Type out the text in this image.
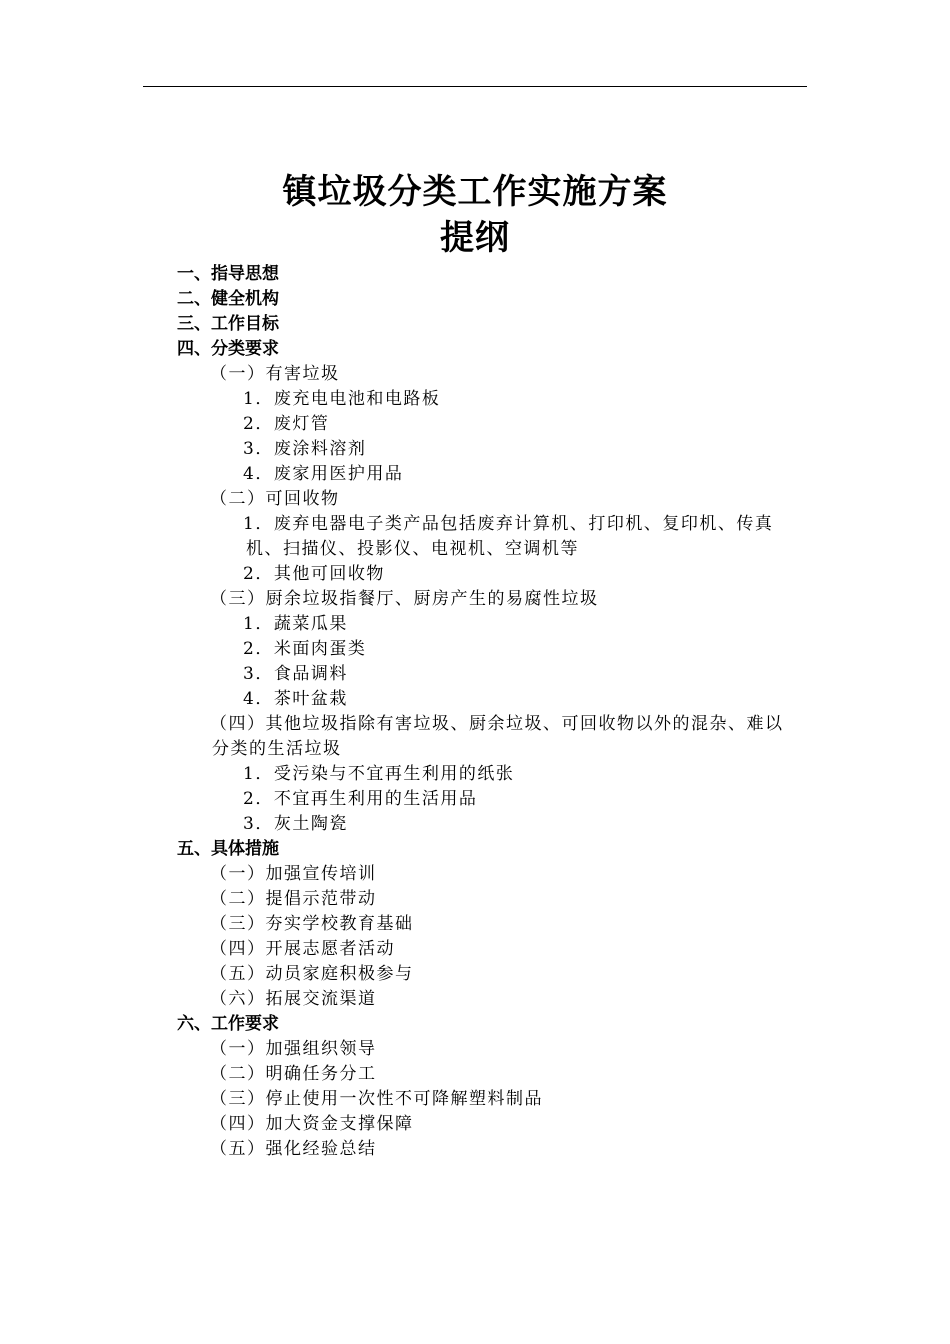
镇垃圾分类工作实施方案
提纲
一、指导思想
二、健全机构
三、工作目标
四、分类要求
（一）有害垃圾
1．废充电电池和电路板
2．废灯管
3．废涂料溶剂
4．废家用医护用品
（二）可回收物
1．废弃电器电子类产品包括废弃计算机、打印机、复印机、传真
机、扫描仪、投影仪、电视机、空调机等
2．其他可回收物
（三）厨余垃圾指餐厅、厨房产生的易腐性垃圾
1．蔬菜瓜果
2．米面肉蛋类
3．食品调料
4．茶叶盆栽
（四）其他垃圾指除有害垃圾、厨余垃圾、可回收物以外的混杂、难以
分类的生活垃圾
1．受污染与不宜再生利用的纸张
2．不宜再生利用的生活用品
3．灰土陶瓷
五、具体措施
（一）加强宣传培训
（二）提倡示范带动
（三）夯实学校教育基础
（四）开展志愿者活动
（五）动员家庭积极参与
（六）拓展交流渠道
六、工作要求
（一）加强组织领导
（二）明确任务分工
（三）停止使用一次性不可降解塑料制品
（四）加大资金支撑保障
（五）强化经验总结
